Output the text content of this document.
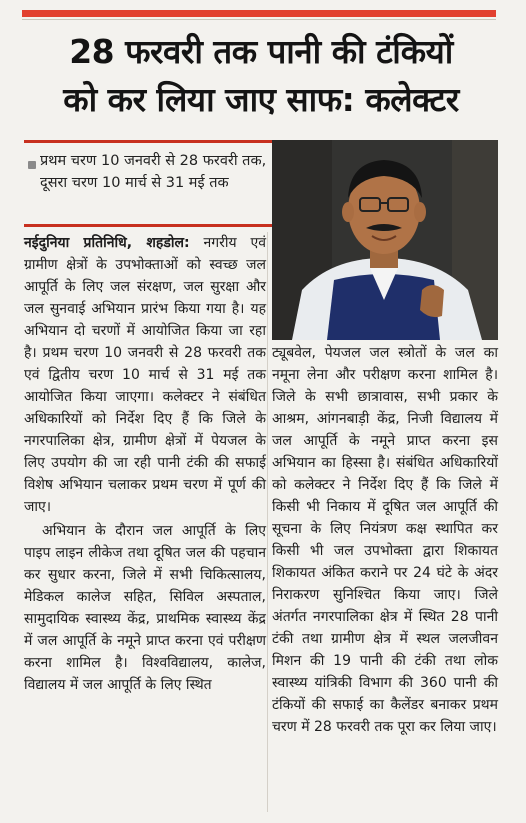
28 फरवरी तक पानी की टंकियों
को कर लिया जाए साफ: कलेक्टर
प्रथम चरण 10 जनवरी से 28 फरवरी तक, दूसरा चरण 10 मार्च से 31 मई तक

नईदुनिया प्रतिनिधि, शहडोल: नगरीय एवं ग्रामीण क्षेत्रों के उपभोक्ताओं को स्वच्छ जल आपूर्ति के लिए जल संरक्षण, जल सुरक्षा और जल सुनवाई अभियान प्रारंभ किया गया है। यह अभियान दो चरणों में आयोजित किया जा रहा है। प्रथम चरण 10 जनवरी से 28 फरवरी तक एवं द्वितीय चरण 10 मार्च से 31 मई तक आयोजित किया जाएगा। कलेक्टर ने संबंधित अधिकारियों को निर्देश दिए हैं कि जिले के नगरपालिका क्षेत्र, ग्रामीण क्षेत्रों में पेयजल के लिए उपयोग की जा रही पानी टंकी की सफाई विशेष अभियान चलाकर प्रथम चरण में पूर्ण की जाए।

अभियान के दौरान जल आपूर्ति के लिए पाइप लाइन लीकेज तथा दूषित जल की पहचान कर सुधार करना, जिले में सभी चिकित्सालय, मेडिकल कालेज सहित, सिविल अस्पताल, सामुदायिक स्वास्थ्य केंद्र, प्राथमिक स्वास्थ्य केंद्र में जल आपूर्ति के नमूने प्राप्त करना एवं परीक्षण करना शामिल है। विश्वविद्यालय, कालेज, विद्यालय में जल आपूर्ति के लिए स्थित

ट्यूबवेल, पेयजल जल स्त्रोतों के जल का नमूना लेना और परीक्षण करना शामिल है। जिले के सभी छात्रावास, सभी प्रकार के आश्रम, आंगनबाड़ी केंद्र, निजी विद्यालय में जल आपूर्ति के नमूने प्राप्त करना इस अभियान का हिस्सा है। संबंधित अधिकारियों को कलेक्टर ने निर्देश दिए हैं कि जिले में किसी भी निकाय में दूषित जल आपूर्ति की सूचना के लिए नियंत्रण कक्ष स्थापित कर किसी भी जल उपभोक्ता द्वारा शिकायत शिकायत अंकित कराने पर 24 घंटे के अंदर निराकरण सुनिश्चित किया जाए। जिले अंतर्गत नगरपालिका क्षेत्र में स्थित 28 पानी टंकी तथा ग्रामीण क्षेत्र में स्थल जलजीवन मिशन की 19 पानी की टंकी तथा लोक स्वास्थ्य यांत्रिकी विभाग की 360 पानी की टंकियों की सफाई का कैलेंडर बनाकर प्रथम चरण में 28 फरवरी तक पूरा कर लिया जाए।
